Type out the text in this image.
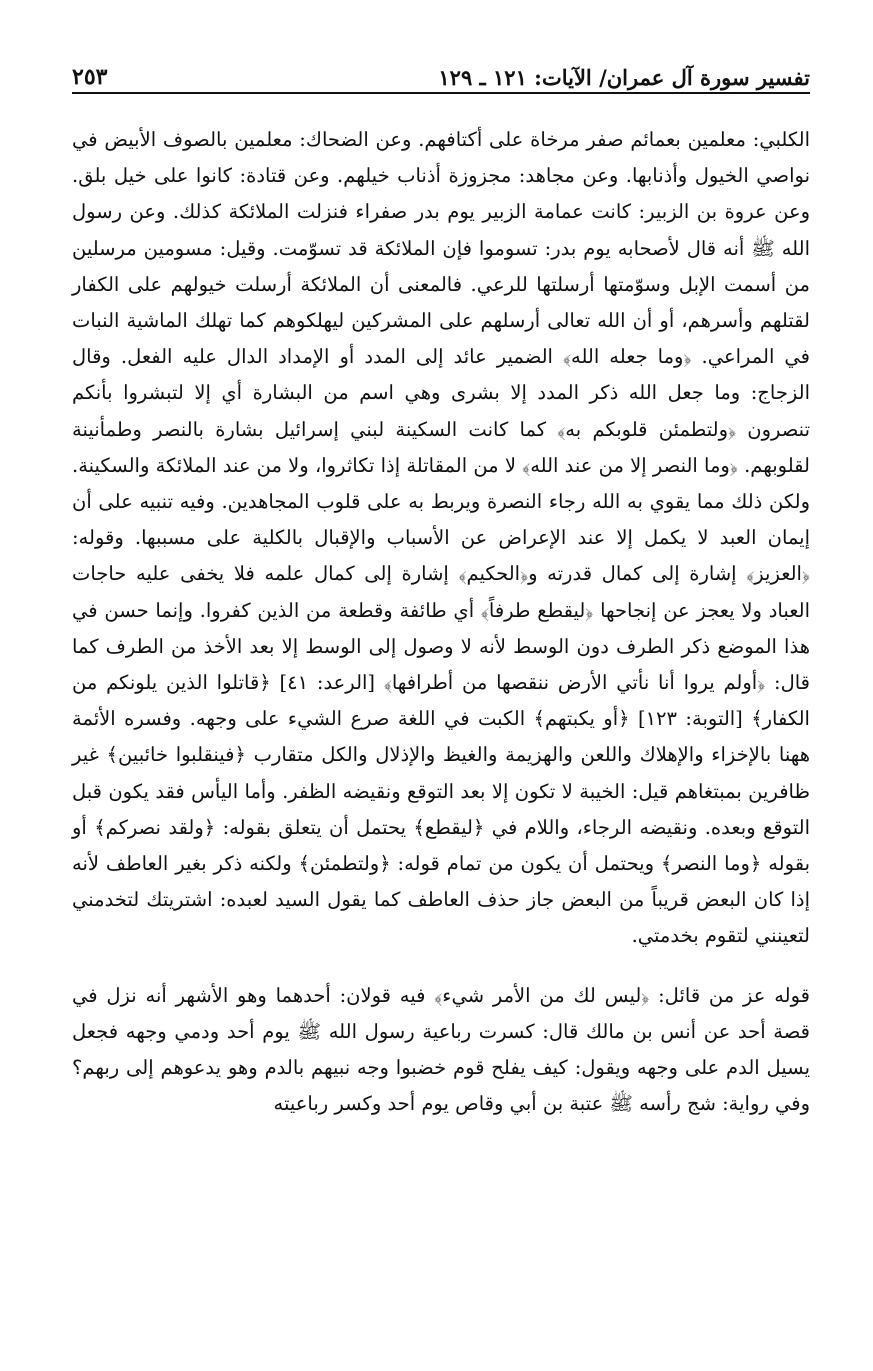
تفسير سورة آل عمران/ الآيات: ١٢١ ـ ١٢٩
٢٥٣

الكلبي: معلمين بعمائم صفر مرخاة على أكتافهم. وعن الضحاك: معلمين بالصوف الأبيض في نواصي الخيول وأذنابها. وعن مجاهد: مجزوزة أذناب خيلهم. وعن قتادة: كانوا على خيل بلق. وعن عروة بن الزبير: كانت عمامة الزبير يوم بدر صفراء فنزلت الملائكة كذلك. وعن رسول الله ﷺ أنه قال لأصحابه يوم بدر: تسوموا فإن الملائكة قد تسوّمت. وقيل: مسومين مرسلين من أسمت الإبل وسوّمتها أرسلتها للرعي. فالمعنى أن الملائكة أرسلت خيولهم على الكفار لقتلهم وأسرهم، أو أن الله تعالى أرسلهم على المشركين ليهلكوهم كما تهلك الماشية النبات في المراعي. ﴿وما جعله الله﴾ الضمير عائد إلى المدد أو الإمداد الدال عليه الفعل. وقال الزجاج: وما جعل الله ذكر المدد إلا بشرى وهي اسم من البشارة أي إلا لتبشروا بأنكم تنصرون ﴿ولتطمئن قلوبكم به﴾ كما كانت السكينة لبني إسرائيل بشارة بالنصر وطمأنينة لقلوبهم. ﴿وما النصر إلا من عند الله﴾ لا من المقاتلة إذا تكاثروا، ولا من عند الملائكة والسكينة. ولكن ذلك مما يقوي به الله رجاء النصرة ويربط به على قلوب المجاهدين. وفيه تنبيه على أن إيمان العبد لا يكمل إلا عند الإعراض عن الأسباب والإقبال بالكلية على مسببها. وقوله: ﴿العزيز﴾ إشارة إلى كمال قدرته و﴿الحكيم﴾ إشارة إلى كمال علمه فلا يخفى عليه حاجات العباد ولا يعجز عن إنجاحها ﴿ليقطع طرفاً﴾ أي طائفة وقطعة من الذين كفروا. وإنما حسن في هذا الموضع ذكر الطرف دون الوسط لأنه لا وصول إلى الوسط إلا بعد الأخذ من الطرف كما قال: ﴿أولم يروا أنا نأتي الأرض ننقصها من أطرافها﴾ [الرعد: ٤١] ﴿قاتلوا الذين يلونكم من الكفار﴾ [التوبة: ١٢٣] ﴿أو يكبتهم﴾ الكبت في اللغة صرع الشيء على وجهه. وفسره الأئمة ههنا بالإخزاء والإهلاك واللعن والهزيمة والغيظ والإذلال والكل متقارب ﴿فينقلبوا خائبين﴾ غير ظافرين بمبتغاهم قيل: الخيبة لا تكون إلا بعد التوقع ونقيضه الظفر. وأما اليأس فقد يكون قبل التوقع وبعده. ونقيضه الرجاء، واللام في ﴿ليقطع﴾ يحتمل أن يتعلق بقوله: ﴿ولقد نصركم﴾ أو بقوله ﴿وما النصر﴾ ويحتمل أن يكون من تمام قوله: ﴿ولتطمئن﴾ ولكنه ذكر بغير العاطف لأنه إذا كان البعض قريباً من البعض جاز حذف العاطف كما يقول السيد لعبده: اشتريتك لتخدمني لتعينني لتقوم بخدمتي.

قوله عز من قائل: ﴿ليس لك من الأمر شيء﴾ فيه قولان: أحدهما وهو الأشهر أنه نزل في قصة أحد عن أنس بن مالك قال: كسرت رباعية رسول الله ﷺ يوم أحد ودمي وجهه فجعل يسيل الدم على وجهه ويقول: كيف يفلح قوم خضبوا وجه نبيهم بالدم وهو يدعوهم إلى ربهم؟ وفي رواية: شج رأسه ﷺ عتبة بن أبي وقاص يوم أحد وكسر رباعيته
